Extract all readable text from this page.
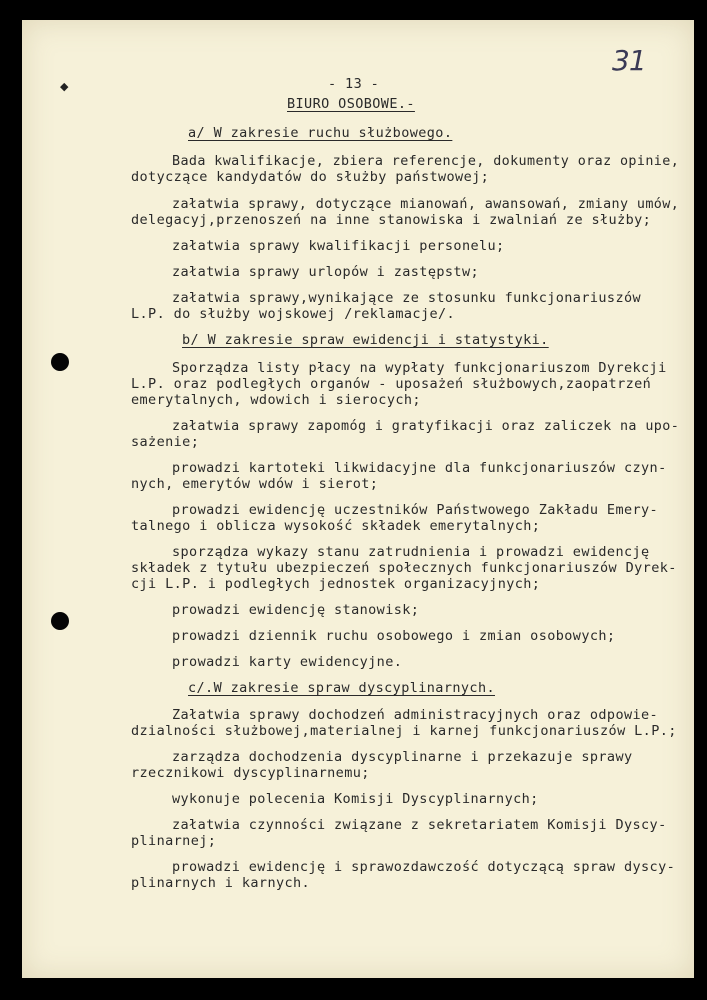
◆
31
- 13 -
BIURO OSOBOWE.-
a/ W zakresie ruchu służbowego.
Bada kwalifikacje, zbiera referencje, dokumenty oraz opinie,
dotyczące kandydatów do służby państwowej;
załatwia sprawy, dotyczące mianowań, awansowań, zmiany umów,
delegacyj,przenoszeń na inne stanowiska i zwalniań ze służby;
załatwia sprawy kwalifikacji personelu;
załatwia sprawy urlopów i zastępstw;
załatwia sprawy,wynikające ze stosunku funkcjonariuszów
L.P. do służby wojskowej /reklamacje/.
b/ W zakresie spraw ewidencji i statystyki.
Sporządza listy płacy na wypłaty funkcjonariuszom Dyrekcji
L.P. oraz podległych organów - uposażeń służbowych,zaopatrzeń
emerytalnych, wdowich i sierocych;
załatwia sprawy zapomóg i gratyfikacji oraz zaliczek na upo-
sażenie;
prowadzi kartoteki likwidacyjne dla funkcjonariuszów czyn-
nych, emerytów wdów i sierot;
prowadzi ewidencję uczestników Państwowego Zakładu Emery-
talnego i oblicza wysokość składek emerytalnych;
sporządza wykazy stanu zatrudnienia i prowadzi ewidencję
składek z tytułu ubezpieczeń społecznych funkcjonariuszów Dyrek-
cji L.P. i podległych jednostek organizacyjnych;
prowadzi ewidencję stanowisk;
prowadzi dziennik ruchu osobowego i zmian osobowych;
prowadzi karty ewidencyjne.
c/.W zakresie spraw dyscyplinarnych.
Załatwia sprawy dochodzeń administracyjnych oraz odpowie-
dzialności służbowej,materialnej i karnej funkcjonariuszów L.P.;
zarządza dochodzenia dyscyplinarne i przekazuje sprawy
rzecznikowi dyscyplinarnemu;
wykonuje polecenia Komisji Dyscyplinarnych;
załatwia czynności związane z sekretariatem Komisji Dyscy-
plinarnej;
prowadzi ewidencję i sprawozdawczość dotyczącą spraw dyscy-
plinarnych i karnych.
